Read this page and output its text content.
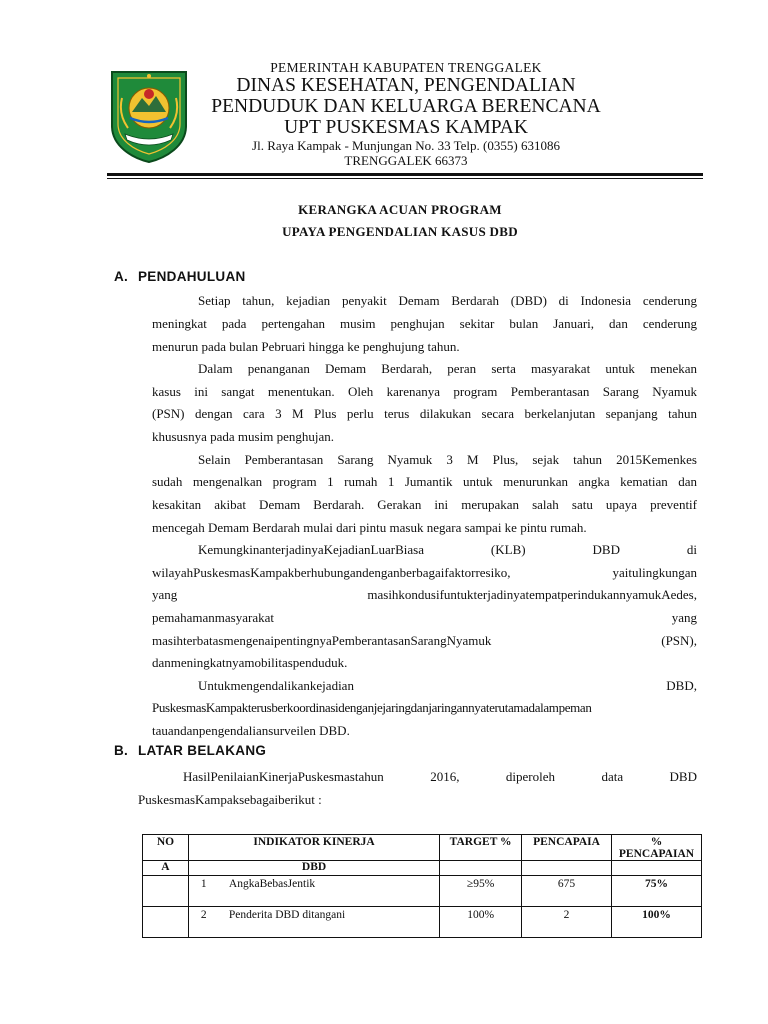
PEMERINTAH KABUPATEN TRENGGALEK
DINAS KESEHATAN, PENGENDALIAN
PENDUDUK DAN KELUARGA BERENCANA
UPT PUSKESMAS KAMPAK
Jl. Raya Kampak - Munjungan No. 33 Telp. (0355) 631086
TRENGGALEK 66373
KERANGKA ACUAN PROGRAM
UPAYA PENGENDALIAN KASUS DBD
A. PENDAHULUAN
Setiap tahun, kejadian penyakit Demam Berdarah (DBD) di Indonesia cenderung
meningkat pada pertengahan musim penghujan sekitar bulan Januari, dan cenderung
menurun pada bulan Pebruari hingga ke penghujung tahun.
Dalam penanganan Demam Berdarah, peran serta masyarakat untuk menekan
kasus ini sangat menentukan. Oleh karenanya program Pemberantasan Sarang Nyamuk
(PSN) dengan cara 3 M Plus perlu terus dilakukan secara berkelanjutan sepanjang tahun
khususnya pada musim penghujan.
Selain Pemberantasan Sarang Nyamuk 3 M Plus, sejak tahun 2015Kemenkes
sudah mengenalkan program 1 rumah 1 Jumantik untuk menurunkan angka kematian dan
kesakitan akibat Demam Berdarah. Gerakan ini merupakan salah satu upaya preventif
mencegah Demam Berdarah mulai dari pintu masuk negara sampai ke pintu rumah.
KemungkinanterjadinyaKejadianLuarBiasa (KLB) DBD di
wilayahPuskesmasKampakberhubungandenganberbagaifaktorresiko, yaitulingkungan
yang masihkondusifuntukterjadinyatempatperindukannyamukAedes,
pemahamanmasyarakat yang
masihterbatasmengenaipentingnyaPemberantasanSarangNyamuk (PSN),
danmeningkatnyamobilitaspenduduk.
Untukmengendalikankejadian DBD,
PuskesmasKampakterusberkoordinasidenganjejaringdanjaringannyaterutamadalampeman
tauandanpengendaliansurveilen DBD.
B. LATAR BELAKANG
HasilPenilaianKinerjaPuskesmastahun 2016, diperoleh data DBD
PuskesmasKampaksebagaiberikut :
NO	INDIKATOR KINERJA	TARGET %	PENCAPAIA	% PENCAPAIAN
A	DBD			
	1 AngkaBebasJentik	≥95%	675	75%
	2 Penderita DBD ditangani	100%	2	100%
